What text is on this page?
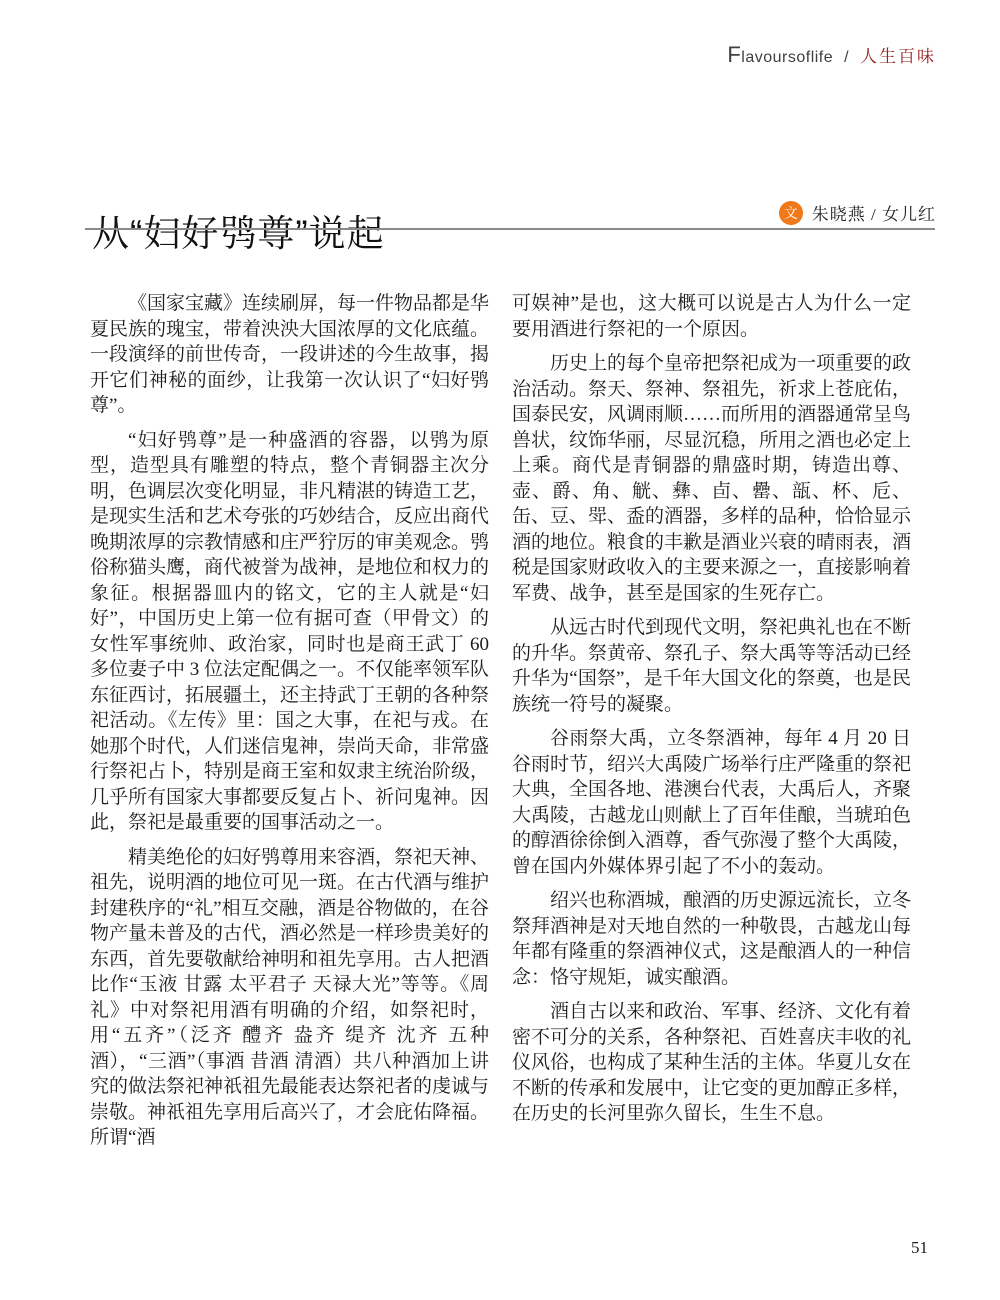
Flavoursoflife / 人生百味
从“妇好鸮尊”说起
文 朱晓燕 / 女儿红

《国家宝藏》连续刷屏，每一件物品都是华夏民族的瑰宝，带着泱泱大国浓厚的文化底蕴。一段演绎的前世传奇，一段讲述的今生故事，揭开它们神秘的面纱，让我第一次认识了“妇好鸮尊”。

“妇好鸮尊”是一种盛酒的容器，以鸮为原型，造型具有雕塑的特点，整个青铜器主次分明，色调层次变化明显，非凡精湛的铸造工艺，是现实生活和艺术夸张的巧妙结合，反应出商代晚期浓厚的宗教情感和庄严狞厉的审美观念。鸮俗称猫头鹰，商代被誉为战神，是地位和权力的象征。根据器皿内的铭文，它的主人就是“妇好”，中国历史上第一位有据可查（甲骨文）的女性军事统帅、政治家，同时也是商王武丁 60 多位妻子中 3 位法定配偶之一。不仅能率领军队东征西讨，拓展疆土，还主持武丁王朝的各种祭祀活动。《左传》里：国之大事，在祀与戎。在她那个时代，人们迷信鬼神，崇尚天命，非常盛行祭祀占卜，特别是商王室和奴隶主统治阶级，几乎所有国家大事都要反复占卜、祈问鬼神。因此，祭祀是最重要的国事活动之一。

精美绝伦的妇好鸮尊用来容酒，祭祀天神、祖先，说明酒的地位可见一斑。在古代酒与维护封建秩序的“礼”相互交融，酒是谷物做的，在谷物产量未普及的古代，酒必然是一样珍贵美好的东西，首先要敬献给神明和祖先享用。古人把酒比作“玉液 甘露 太平君子 天禄大光”等等。《周礼》中对祭祀用酒有明确的介绍，如祭祀时，用“五齐”（泛齐 醴齐 盎齐 缇齐 沈齐 五种酒），“三酒”（事酒 昔酒 清酒）共八种酒加上讲究的做法祭祀神祇祖先最能表达祭祀者的虔诚与崇敬。神祇祖先享用后高兴了，才会庇佑降福。所谓“酒

可娱神”是也，这大概可以说是古人为什么一定要用酒进行祭祀的一个原因。

历史上的每个皇帝把祭祀成为一项重要的政治活动。祭天、祭神、祭祖先，祈求上苍庇佑，国泰民安，风调雨顺……而所用的酒器通常呈鸟兽状，纹饰华丽，尽显沉稳，所用之酒也必定上上乘。商代是青铜器的鼎盛时期，铸造出尊、壶、爵、角、觥、彝、卣、罍、瓿、杯、卮、缶、豆、斝、盉的酒器，多样的品种，恰恰显示酒的地位。粮食的丰歉是酒业兴衰的晴雨表，酒税是国家财政收入的主要来源之一，直接影响着军费、战争，甚至是国家的生死存亡。

从远古时代到现代文明，祭祀典礼也在不断的升华。祭黄帝、祭孔子、祭大禹等等活动已经升华为“国祭”，是千年大国文化的祭奠，也是民族统一符号的凝聚。

谷雨祭大禹，立冬祭酒神，每年 4 月 20 日谷雨时节，绍兴大禹陵广场举行庄严隆重的祭祀大典，全国各地、港澳台代表，大禹后人，齐聚大禹陵，古越龙山则献上了百年佳酿，当琥珀色的醇酒徐徐倒入酒尊，香气弥漫了整个大禹陵，曾在国内外媒体界引起了不小的轰动。

绍兴也称酒城，酿酒的历史源远流长，立冬祭拜酒神是对天地自然的一种敬畏，古越龙山每年都有隆重的祭酒神仪式，这是酿酒人的一种信念：恪守规矩，诚实酿酒。

酒自古以来和政治、军事、经济、文化有着密不可分的关系，各种祭祀、百姓喜庆丰收的礼仪风俗，也构成了某种生活的主体。华夏儿女在不断的传承和发展中，让它变的更加醇正多样，在历史的长河里弥久留长，生生不息。

51
